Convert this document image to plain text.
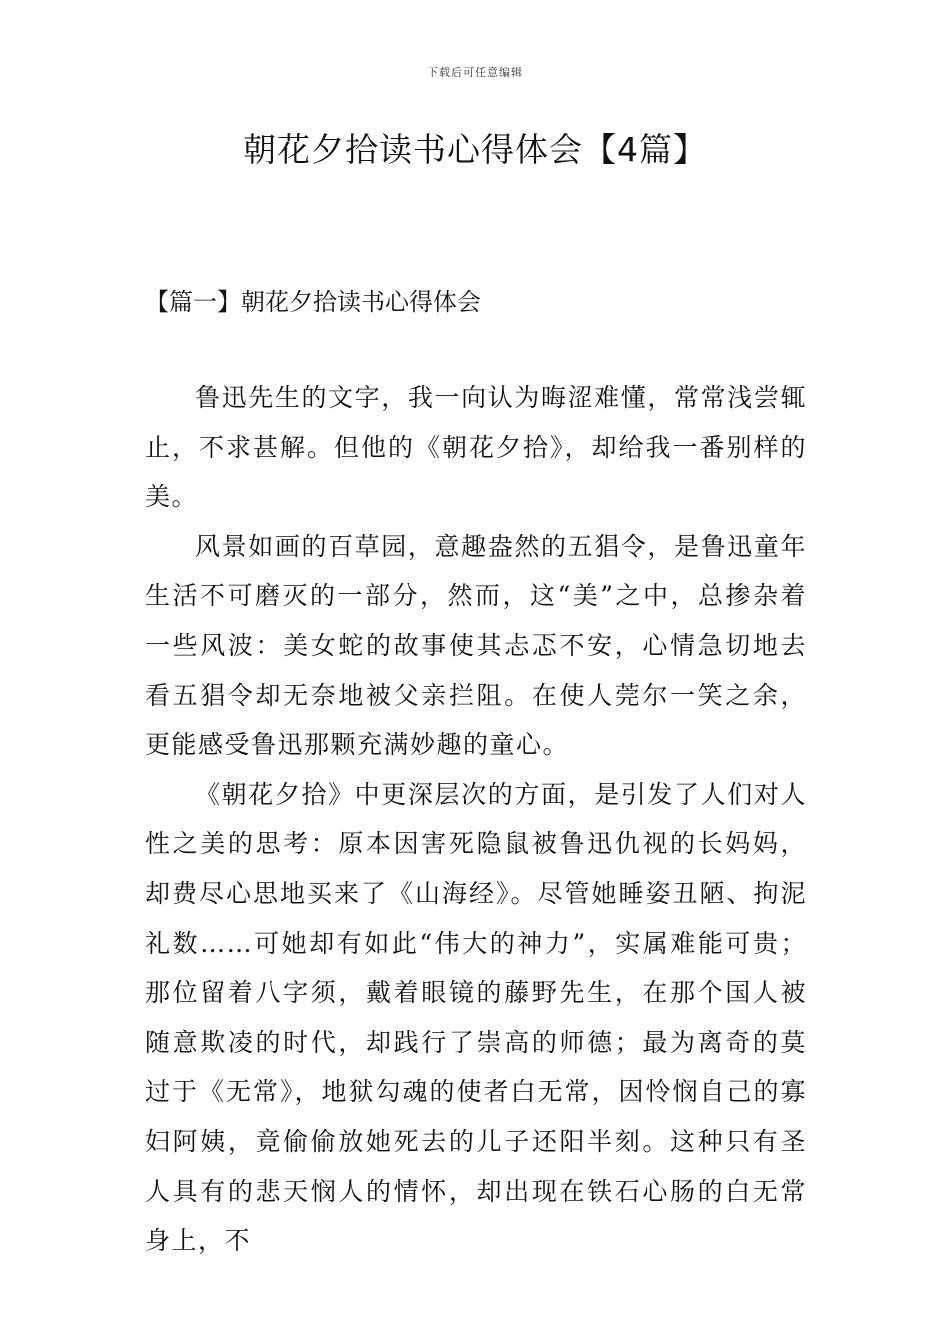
下载后可任意编辑
朝花夕拾读书心得体会【4篇】
【篇一】朝花夕拾读书心得体会

鲁迅先生的文字，我一向认为晦涩难懂，常常浅尝辄止，不求甚解。但他的《朝花夕拾》，却给我一番别样的美。

风景如画的百草园，意趣盎然的五猖令，是鲁迅童年生活不可磨灭的一部分，然而，这“美”之中，总掺杂着一些风波：美女蛇的故事使其忐忑不安，心情急切地去看五猖令却无奈地被父亲拦阻。在使人莞尔一笑之余，更能感受鲁迅那颗充满妙趣的童心。

《朝花夕拾》中更深层次的方面，是引发了人们对人性之美的思考：原本因害死隐鼠被鲁迅仇视的长妈妈，却费尽心思地买来了《山海经》。尽管她睡姿丑陋、拘泥礼数……可她却有如此“伟大的神力”，实属难能可贵；那位留着八字须，戴着眼镜的藤野先生，在那个国人被随意欺凌的时代，却践行了崇高的师德；最为离奇的莫过于《无常》，地狱勾魂的使者白无常，因怜悯自己的寡妇阿姨，竟偷偷放她死去的儿子还阳半刻。这种只有圣人具有的悲天悯人的情怀，却出现在铁石心肠的白无常身上，不
